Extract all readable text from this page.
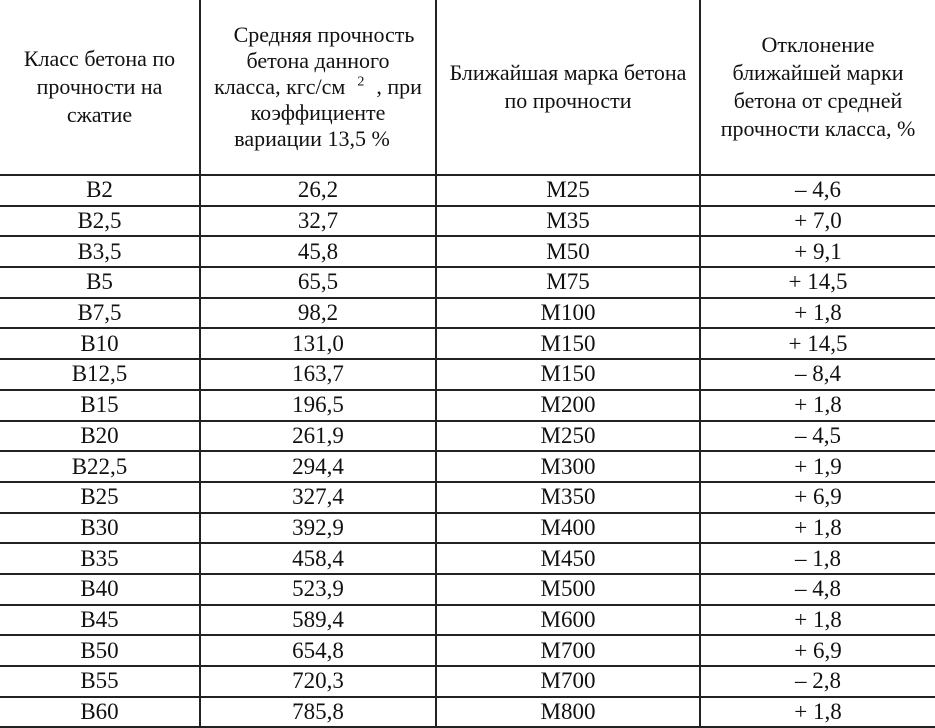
Класс бетона по прочности на сжатие	Средняя прочность бетона данного класса, кгс/см $^2$ , при коэффициенте вариации 13,5 %	Ближайшая марка бетона по прочности	Отклонение ближайшей марки бетона от средней прочности класса, %

В2	26,2	М25	– 4,6
В2,5	32,7	М35	+ 7,0
В3,5	45,8	М50	+ 9,1
В5	65,5	М75	+ 14,5
В7,5	98,2	М100	+ 1,8
В10	131,0	М150	+ 14,5
В12,5	163,7	М150	– 8,4
В15	196,5	М200	+ 1,8
В20	261,9	М250	– 4,5
В22,5	294,4	М300	+ 1,9
В25	327,4	М350	+ 6,9
В30	392,9	М400	+ 1,8
В35	458,4	М450	– 1,8
В40	523,9	М500	– 4,8
В45	589,4	М600	+ 1,8
В50	654,8	М700	+ 6,9
В55	720,3	М700	– 2,8
В60	785,8	М800	+ 1,8
